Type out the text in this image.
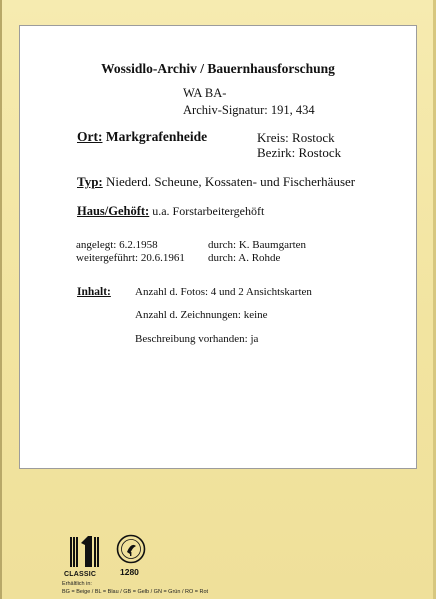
Wossidlo-Archiv / Bauernhausforschung
WA BA-
Archiv-Signatur: 191, 434
Ort: Markgrafenheide	Kreis: Rostock
Bezirk: Rostock
Typ: Niederd. Scheune, Kossaten- und Fischerhäuser
Haus/Gehöft: u.a. Forstarbeitergehöft
angelegt: 6.2.1958	durch: K. Baumgarten
weitergeführt: 20.6.1961 durch: A. Rohde
Inhalt: Anzahl d. Fotos: 4 und 2 Ansichtskarten
Anzahl d. Zeichnungen: keine
Beschreibung vorhanden: ja
CLASSIC	1280
Erhältlich in:
BG = Beige / BL = Blau / GB = Gelb / GN = Grün / RO = Rot
